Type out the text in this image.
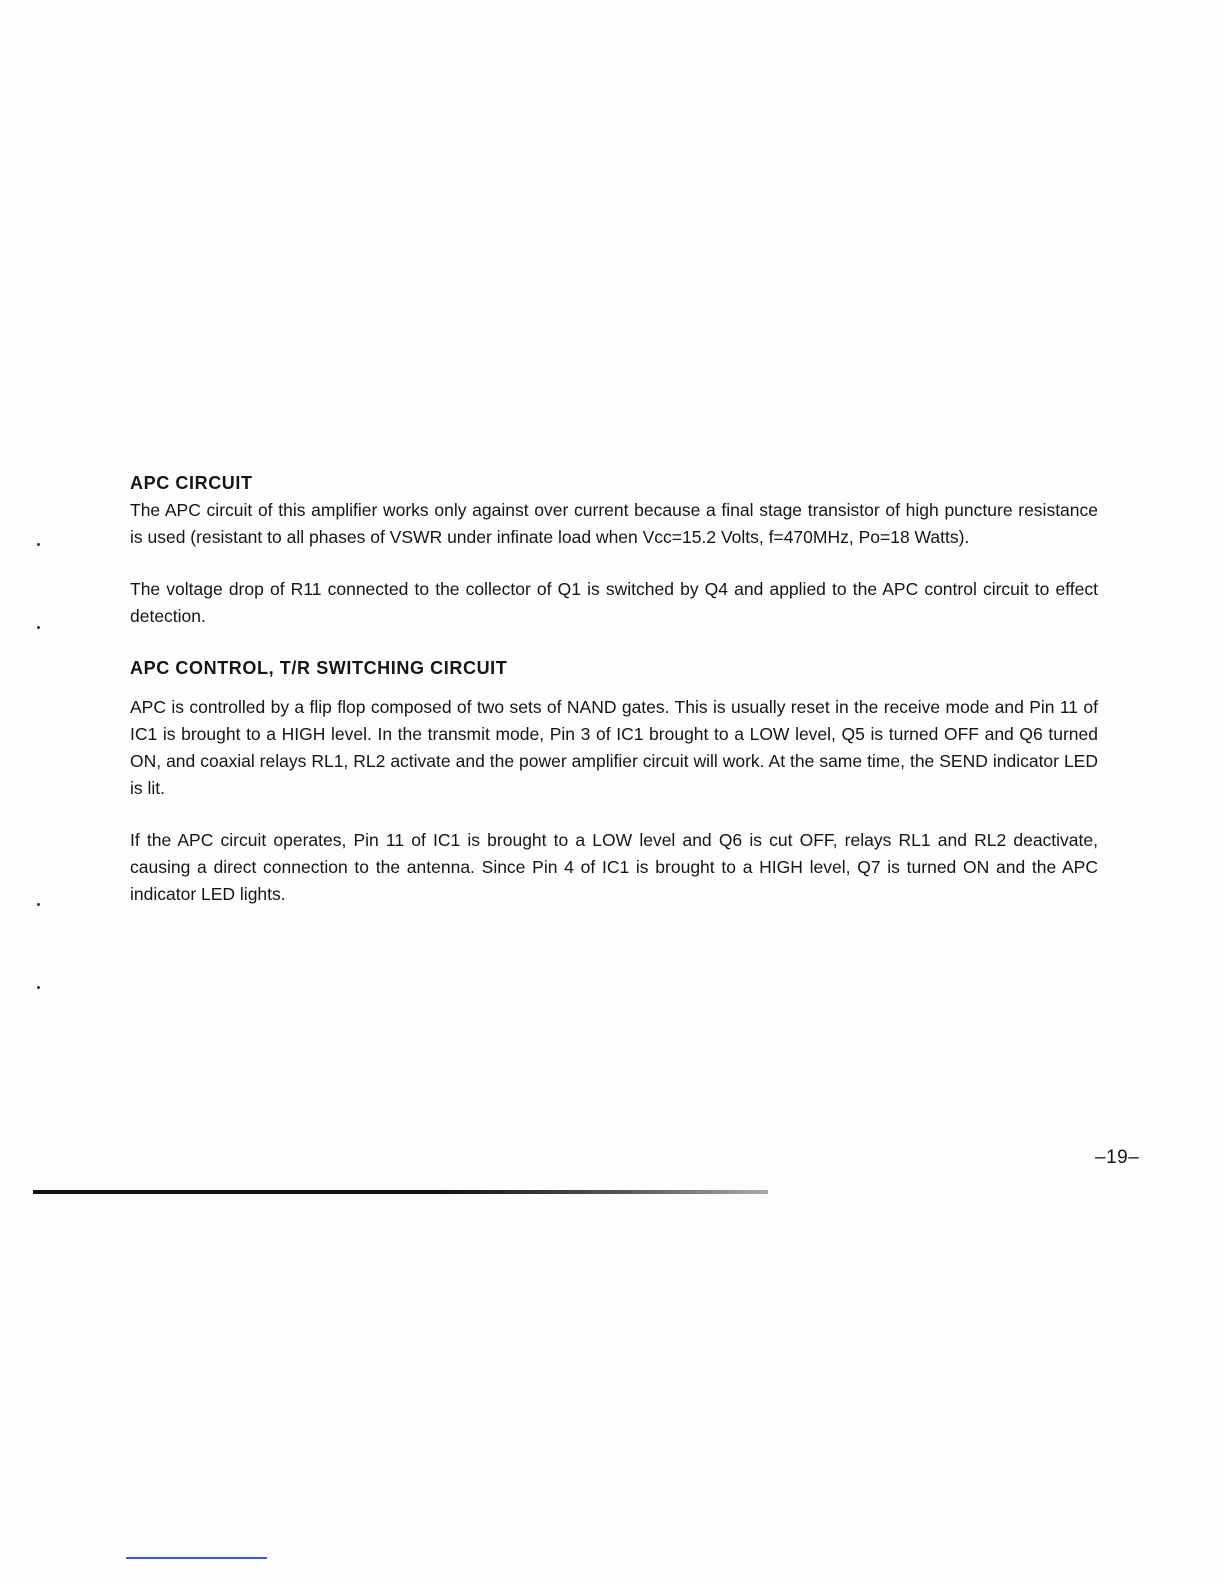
APC CIRCUIT

The APC circuit of this amplifier works only against over current because a final stage transistor of high puncture resistance is used (resistant to all phases of VSWR under infinate load when Vcc=15.2 Volts, f=470MHz, Po=18 Watts).

The voltage drop of R11 connected to the collector of Q1 is switched by Q4 and applied to the APC control circuit to effect detection.

APC CONTROL, T/R SWITCHING CIRCUIT

APC is controlled by a flip flop composed of two sets of NAND gates. This is usually reset in the receive mode and Pin 11 of IC1 is brought to a HIGH level. In the transmit mode, Pin 3 of IC1 brought to a LOW level, Q5 is turned OFF and Q6 turned ON, and coaxial relays RL1, RL2 activate and the power amplifier circuit will work. At the same time, the SEND indicator LED is lit.

If the APC circuit operates, Pin 11 of IC1 is brought to a LOW level and Q6 is cut OFF, relays RL1 and RL2 deactivate, causing a direct connection to the antenna. Since Pin 4 of IC1 is brought to a HIGH level, Q7 is turned ON and the APC indicator LED lights.

–19–
